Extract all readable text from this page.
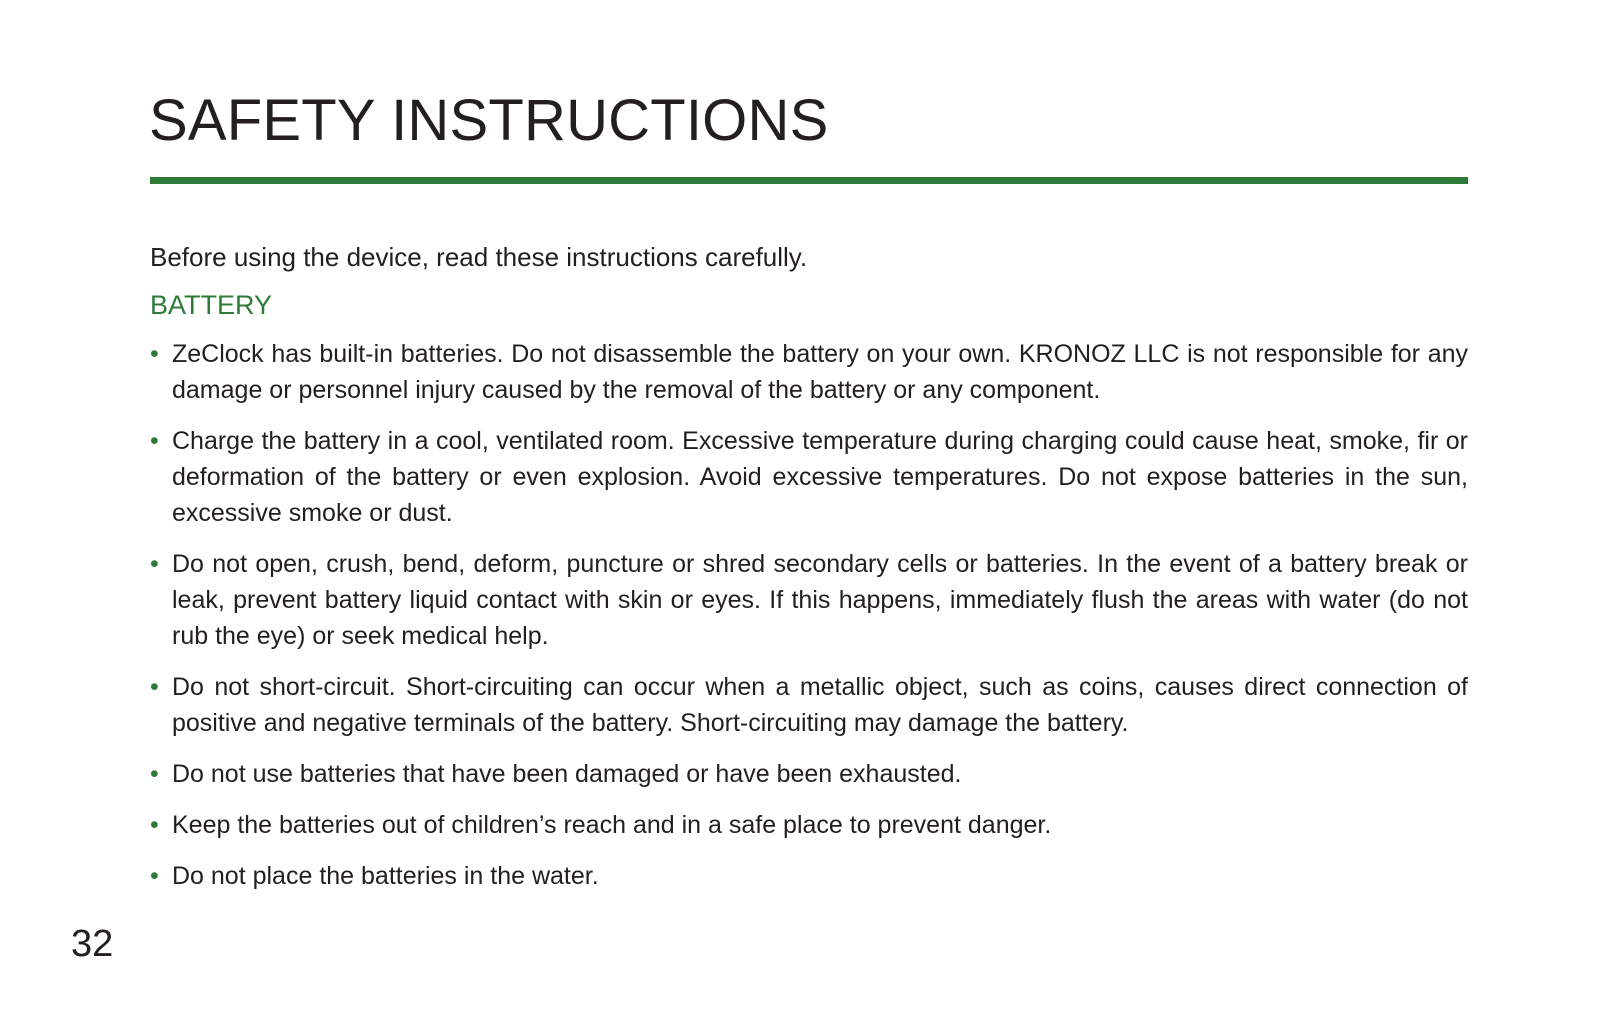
SAFETY INSTRUCTIONS

Before using the device, read these instructions carefully.

BATTERY
• ZeClock has built-in batteries. Do not disassemble the battery on your own. KRONOZ LLC is not responsible for any damage or personnel injury caused by the removal of the battery or any component.
• Charge the battery in a cool, ventilated room. Excessive temperature during charging could cause heat, smoke, fir or deformation of the battery or even explosion. Avoid excessive temperatures. Do not expose batteries in the sun, excessive smoke or dust.
• Do not open, crush, bend, deform, puncture or shred secondary cells or batteries. In the event of a battery break or leak, prevent battery liquid contact with skin or eyes. If this happens, immediately flush the areas with water (do not rub the eye) or seek medical help.
• Do not short-circuit. Short-circuiting can occur when a metallic object, such as coins, causes direct connection of positive and negative terminals of the battery. Short-circuiting may damage the battery.
• Do not use batteries that have been damaged or have been exhausted.
• Keep the batteries out of children’s reach and in a safe place to prevent danger.
• Do not place the batteries in the water.
32
